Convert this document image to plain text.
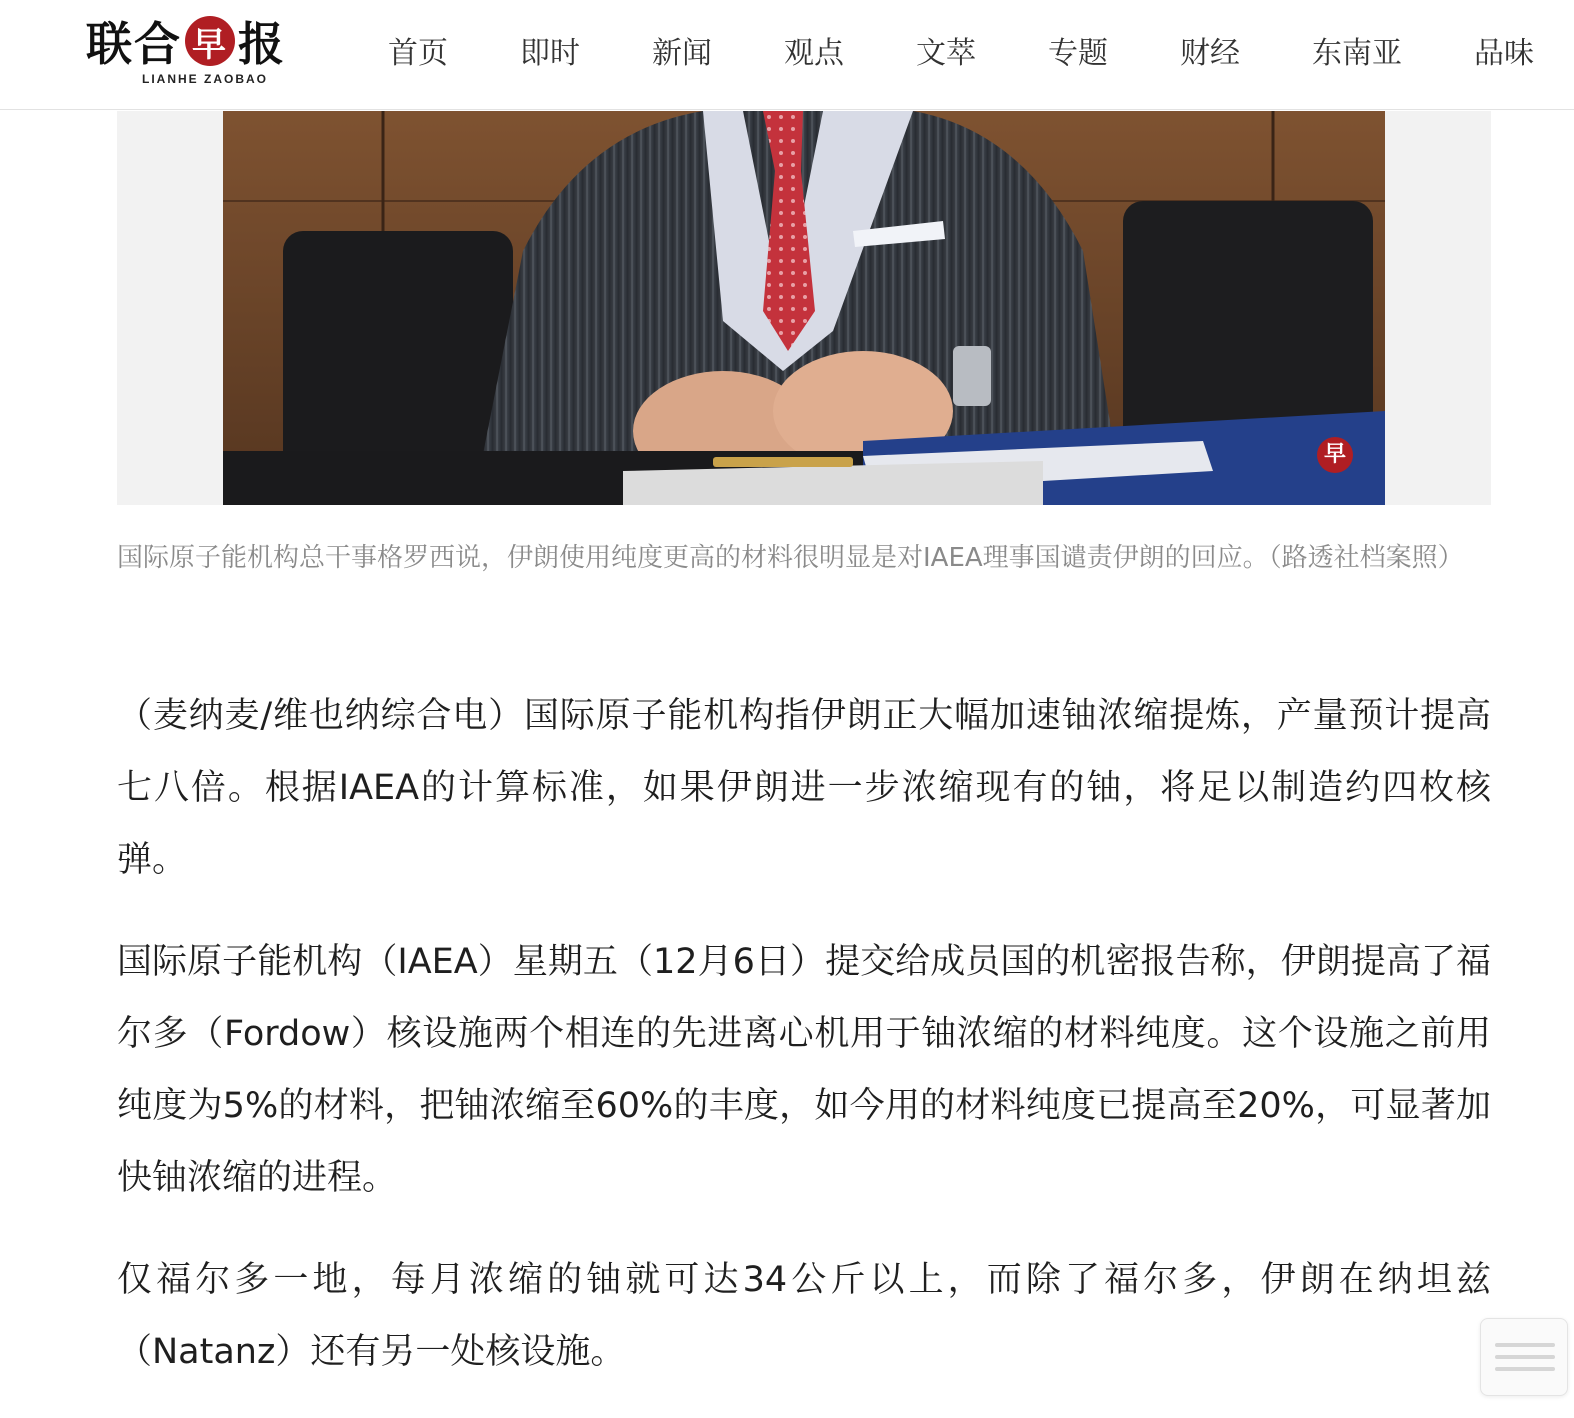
联 合 早 报
LIANHE ZAOBAO
首页 即时 新闻 观点 文萃 专题 财经 东南亚 品味
早

国际原子能机构总干事格罗西说，伊朗使用纯度更高的材料很明显是对IAEA理事国谴责伊朗的回应。（路透社档案照）

（麦纳麦/维也纳综合电）国际原子能机构指伊朗正大幅加速铀浓缩提炼，产量预计提高七八倍。根据IAEA的计算标准，如果伊朗进一步浓缩现有的铀，将足以制造约四枚核弹。

国际原子能机构（IAEA）星期五（12月6日）提交给成员国的机密报告称，伊朗提高了福尔多（Fordow）核设施两个相连的先进离心机用于铀浓缩的材料纯度。这个设施之前用纯度为5%的材料，把铀浓缩至60%的丰度，如今用的材料纯度已提高至20%，可显著加快铀浓缩的进程。

仅福尔多一地，每月浓缩的铀就可达34公斤以上，而除了福尔多，伊朗在纳坦兹（Natanz）还有另一处核设施。
